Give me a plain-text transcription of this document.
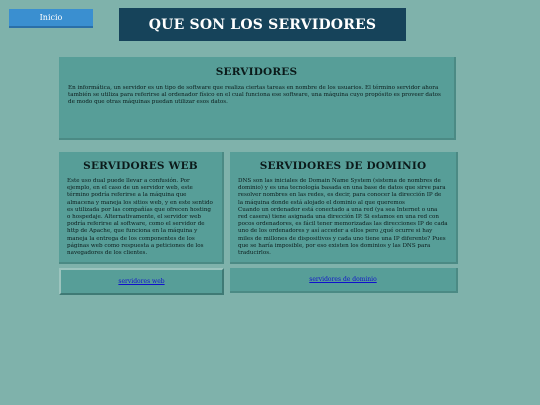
Inicio	QUE SON LOS SERVIDORES
SERVIDORES

En informática, un servidor es un tipo de software que realiza ciertas tareas en nombre de los usuarios. El término servidor ahora también se utiliza para referirse al ordenador físico en el cual funciona ese software, una máquina cuyo propósito es proveer datos de modo que otras máquinas puedan utilizar esos datos.

SERVIDORES WEB

Este uso dual puede llevar a confusión. Por ejemplo, en el caso de un servidor web, este término podría referirse a la máquina que almacena y maneja los sitios web, y en este sentido es utilizada por las compañías que ofrecen hosting o hospedaje. Alternativamente, el servidor web podría referirse al software, como el servidor de http de Apache, que funciona en la máquina y maneja la entrega de los componentes de los páginas web como respuesta a peticiones de los navegadores de los clientes.

SERVIDORES DE DOMINIO

DNS son las iniciales de Domain Name System (sistema de nombres de dominio) y es una tecnología basada en una base de datos que sirve para resolver nombres en las redes, es decir, para conocer la dirección IP de la máquina donde está alojado el dominio al que queremos
Cuando un ordenador está conectado a una red (ya sea Internet o una red casera) tiene asignada una dirección IP. Si estamos en una red con pocos ordenadores, es fácil tener memorizadas las direcciones IP de cada uno de los ordenadores y así acceder a ellos pero ¿qué ocurre si hay miles de millones de dispositivos y cada uno tiene una IP diferente? Pues que se haría imposible, por eso existen los dominios y las DNS para traducirlos.

servidores web	servidores de dominio
